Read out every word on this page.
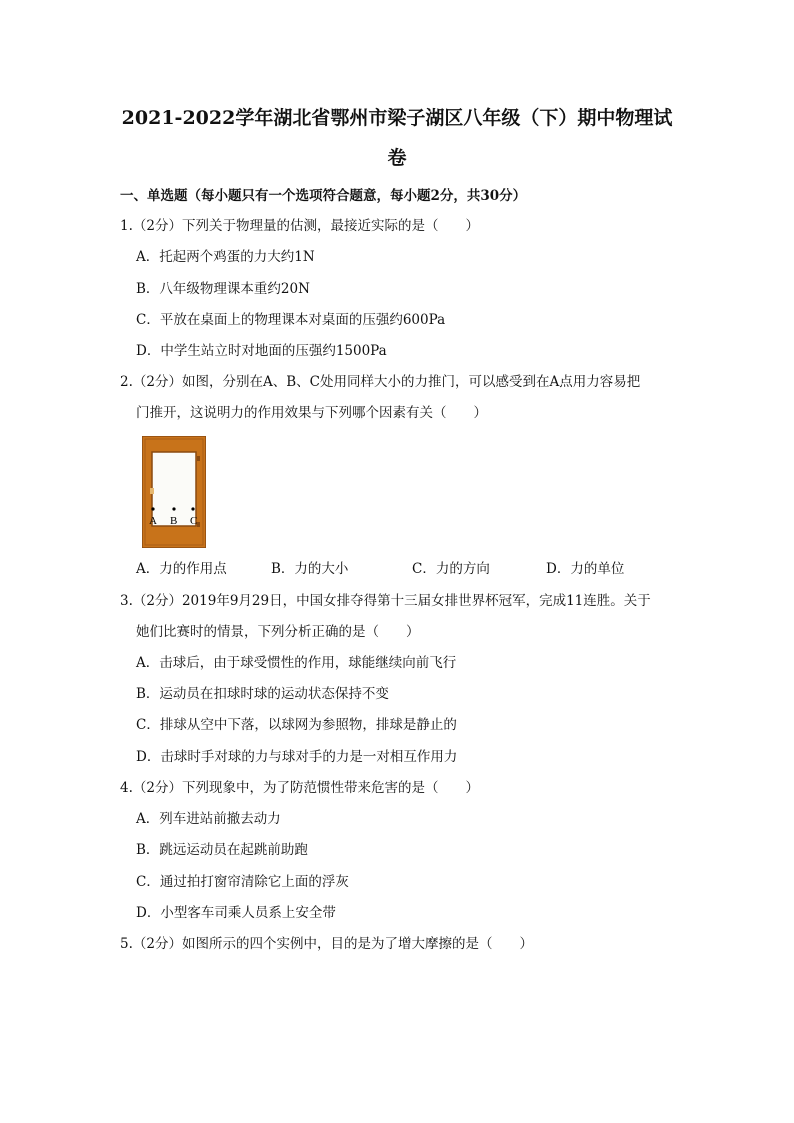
2021-2022学年湖北省鄂州市梁子湖区八年级（下）期中物理试
卷
一、单选题（每小题只有一个选项符合题意，每小题2分，共30分）
1.（2分）下列关于物理量的估测，最接近实际的是（　　）
A．托起两个鸡蛋的力大约1N
B．八年级物理课本重约20N
C．平放在桌面上的物理课本对桌面的压强约600Pa
D．中学生站立时对地面的压强约1500Pa
2.（2分）如图，分别在A、B、C处用同样大小的力推门，可以感受到在A点用力容易把
门推开，这说明力的作用效果与下列哪个因素有关（　　）
A B C
A．力的作用点	B．力的大小	C．力的方向	D．力的单位
3.（2分）2019年9月29日，中国女排夺得第十三届女排世界杯冠军，完成11连胜。关于
她们比赛时的情景，下列分析正确的是（　　）
A．击球后，由于球受惯性的作用，球能继续向前飞行
B．运动员在扣球时球的运动状态保持不变
C．排球从空中下落，以球网为参照物，排球是静止的
D．击球时手对球的力与球对手的力是一对相互作用力
4.（2分）下列现象中，为了防范惯性带来危害的是（　　）
A．列车进站前撤去动力
B．跳远运动员在起跳前助跑
C．通过拍打窗帘清除它上面的浮灰
D．小型客车司乘人员系上安全带
5.（2分）如图所示的四个实例中，目的是为了增大摩擦的是（　　）
